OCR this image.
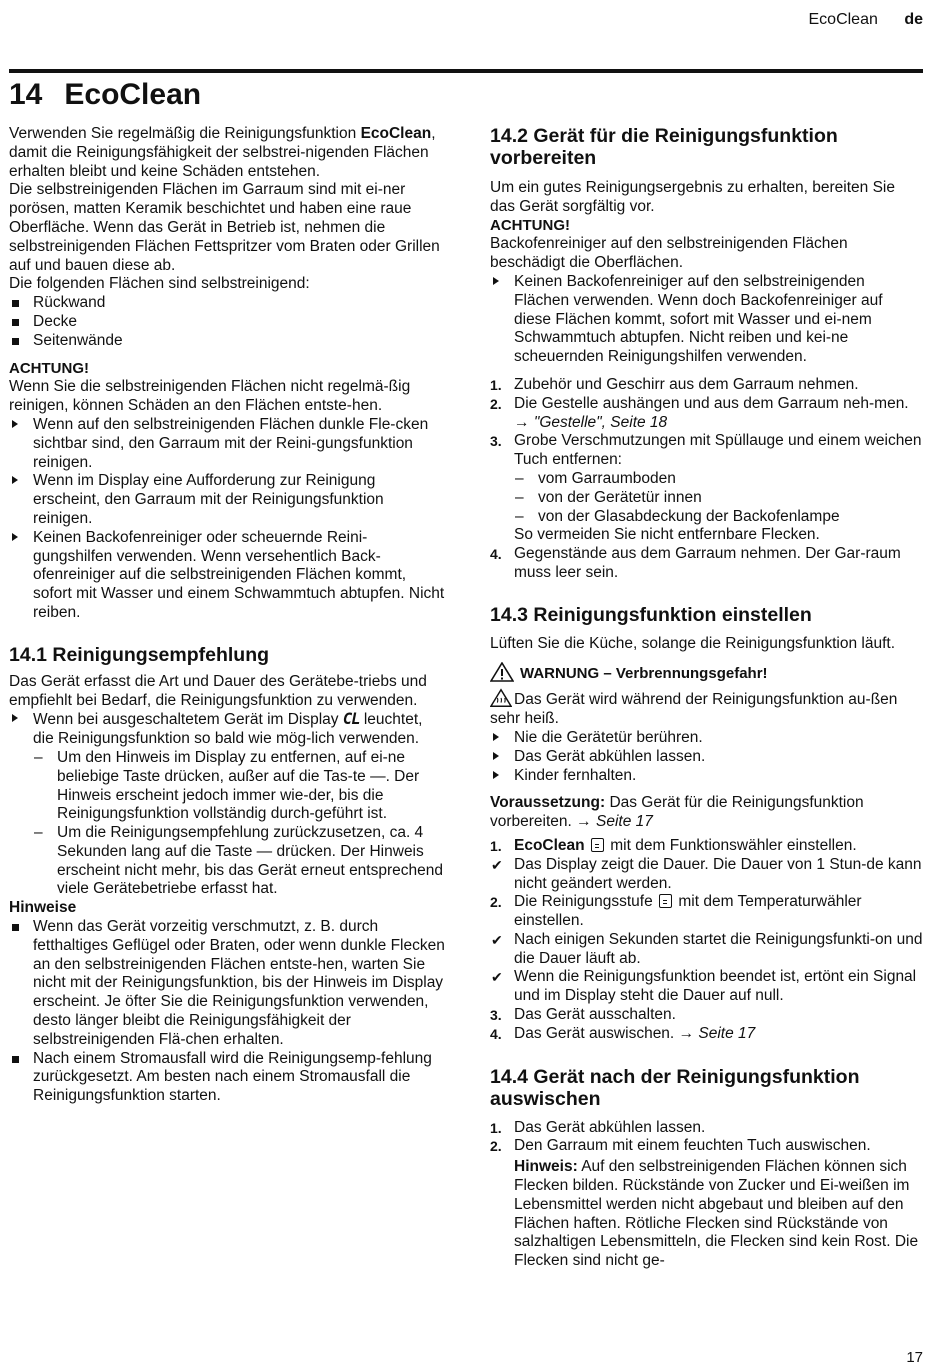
EcoClean de
14 EcoClean

Verwenden Sie regelmäßig die Reinigungsfunktion EcoClean, damit die Reinigungsfähigkeit der selbstrei-nigenden Flächen erhalten bleibt und keine Schäden entstehen.

Die selbstreinigenden Flächen im Garraum sind mit ei-ner porösen, matten Keramik beschichtet und haben eine raue Oberfläche. Wenn das Gerät in Betrieb ist, nehmen die selbstreinigenden Flächen Fettspritzer vom Braten oder Grillen auf und bauen diese ab.

Die folgenden Flächen sind selbstreinigend:

Rückwand
Decke
Seitenwände

ACHTUNG!

Wenn Sie die selbstreinigenden Flächen nicht regelmä-ßig reinigen, können Schäden an den Flächen entste-hen.

Wenn auf den selbstreinigenden Flächen dunkle Fle-cken sichtbar sind, den Garraum mit der Reini-gungsfunktion reinigen.
Wenn im Display eine Aufforderung zur Reinigung erscheint, den Garraum mit der Reinigungsfunktion reinigen.
Keinen Backofenreiniger oder scheuernde Reini-gungshilfen verwenden. Wenn versehentlich Back-ofenreiniger auf die selbstreinigenden Flächen kommt, sofort mit Wasser und einem Schwammtuch abtupfen. Nicht reiben.
14.1 Reinigungsempfehlung

Das Gerät erfasst die Art und Dauer des Gerätebe-triebs und empfiehlt bei Bedarf, die Reinigungsfunktion zu verwenden.

Wenn bei ausgeschaltetem Gerät im Display CL leuchtet, die Reinigungsfunktion so bald wie mög-lich verwenden.
– Um den Hinweis im Display zu entfernen, auf ei-ne beliebige Taste drücken, außer auf die Tas-te —. Der Hinweis erscheint jedoch immer wie-der, bis die Reinigungsfunktion vollständig durch-geführt ist.
– Um die Reinigungsempfehlung zurückzusetzen, ca. 4 Sekunden lang auf die Taste — drücken. Der Hinweis erscheint nicht mehr, bis das Gerät erneut entsprechend viele Gerätebetriebe erfasst hat.

Hinweise

Wenn das Gerät vorzeitig verschmutzt, z. B. durch fetthaltiges Geflügel oder Braten, oder wenn dunkle Flecken an den selbstreinigenden Flächen entste-hen, warten Sie nicht mit der Reinigungsfunktion, bis der Hinweis im Display erscheint. Je öfter Sie die Reinigungsfunktion verwenden, desto länger bleibt die Reinigungsfähigkeit der selbstreinigenden Flä-chen erhalten.
Nach einem Stromausfall wird die Reinigungsemp-fehlung zurückgesetzt. Am besten nach einem Stromausfall die Reinigungsfunktion starten.
14.2 Gerät für die Reinigungsfunktion vorbereiten

Um ein gutes Reinigungsergebnis zu erhalten, bereiten Sie das Gerät sorgfältig vor.

ACHTUNG!

Backofenreiniger auf den selbstreinigenden Flächen beschädigt die Oberflächen.

Keinen Backofenreiniger auf den selbstreinigenden Flächen verwenden. Wenn doch Backofenreiniger auf diese Flächen kommt, sofort mit Wasser und ei-nem Schwammtuch abtupfen. Nicht reiben und kei-ne scheuernden Reinigungshilfen verwenden.
1. Zubehör und Geschirr aus dem Garraum nehmen.
2. Die Gestelle aushängen und aus dem Garraum neh-men.
→ "Gestelle", Seite 18
3. Grobe Verschmutzungen mit Spüllauge und einem weichen Tuch entfernen:
– vom Garraumboden
– von der Gerätetür innen
– von der Glasabdeckung der Backofenlampe
So vermeiden Sie nicht entfernbare Flecken.
4. Gegenstände aus dem Garraum nehmen. Der Gar-raum muss leer sein.
14.3 Reinigungsfunktion einstellen

Lüften Sie die Küche, solange die Reinigungsfunktion läuft.

WARNUNG – Verbrennungsgefahr!

Das Gerät wird während der Reinigungsfunktion au-ßen sehr heiß.

Nie die Gerätetür berühren.
Das Gerät abkühlen lassen.
Kinder fernhalten.

Voraussetzung: Das Gerät für die Reinigungsfunktion vorbereiten. → Seite 17

1. EcoClean mit dem Funktionswähler einstellen.
✔ Das Display zeigt die Dauer. Die Dauer von 1 Stun-de kann nicht geändert werden.
2. Die Reinigungsstufe mit dem Temperaturwähler einstellen.
✔ Nach einigen Sekunden startet die Reinigungsfunkti-on und die Dauer läuft ab.
✔ Wenn die Reinigungsfunktion beendet ist, ertönt ein Signal und im Display steht die Dauer auf null.
3. Das Gerät ausschalten.
4. Das Gerät auswischen. → Seite 17
14.4 Gerät nach der Reinigungsfunktion auswischen
1. Das Gerät abkühlen lassen.
2. Den Garraum mit einem feuchten Tuch auswischen.

Hinweis: Auf den selbstreinigenden Flächen können sich Flecken bilden. Rückstände von Zucker und Ei-weißen im Lebensmittel werden nicht abgebaut und bleiben auf den Flächen haften. Rötliche Flecken sind Rückstände von salzhaltigen Lebensmitteln, die Flecken sind kein Rost. Die Flecken sind nicht ge-

17
